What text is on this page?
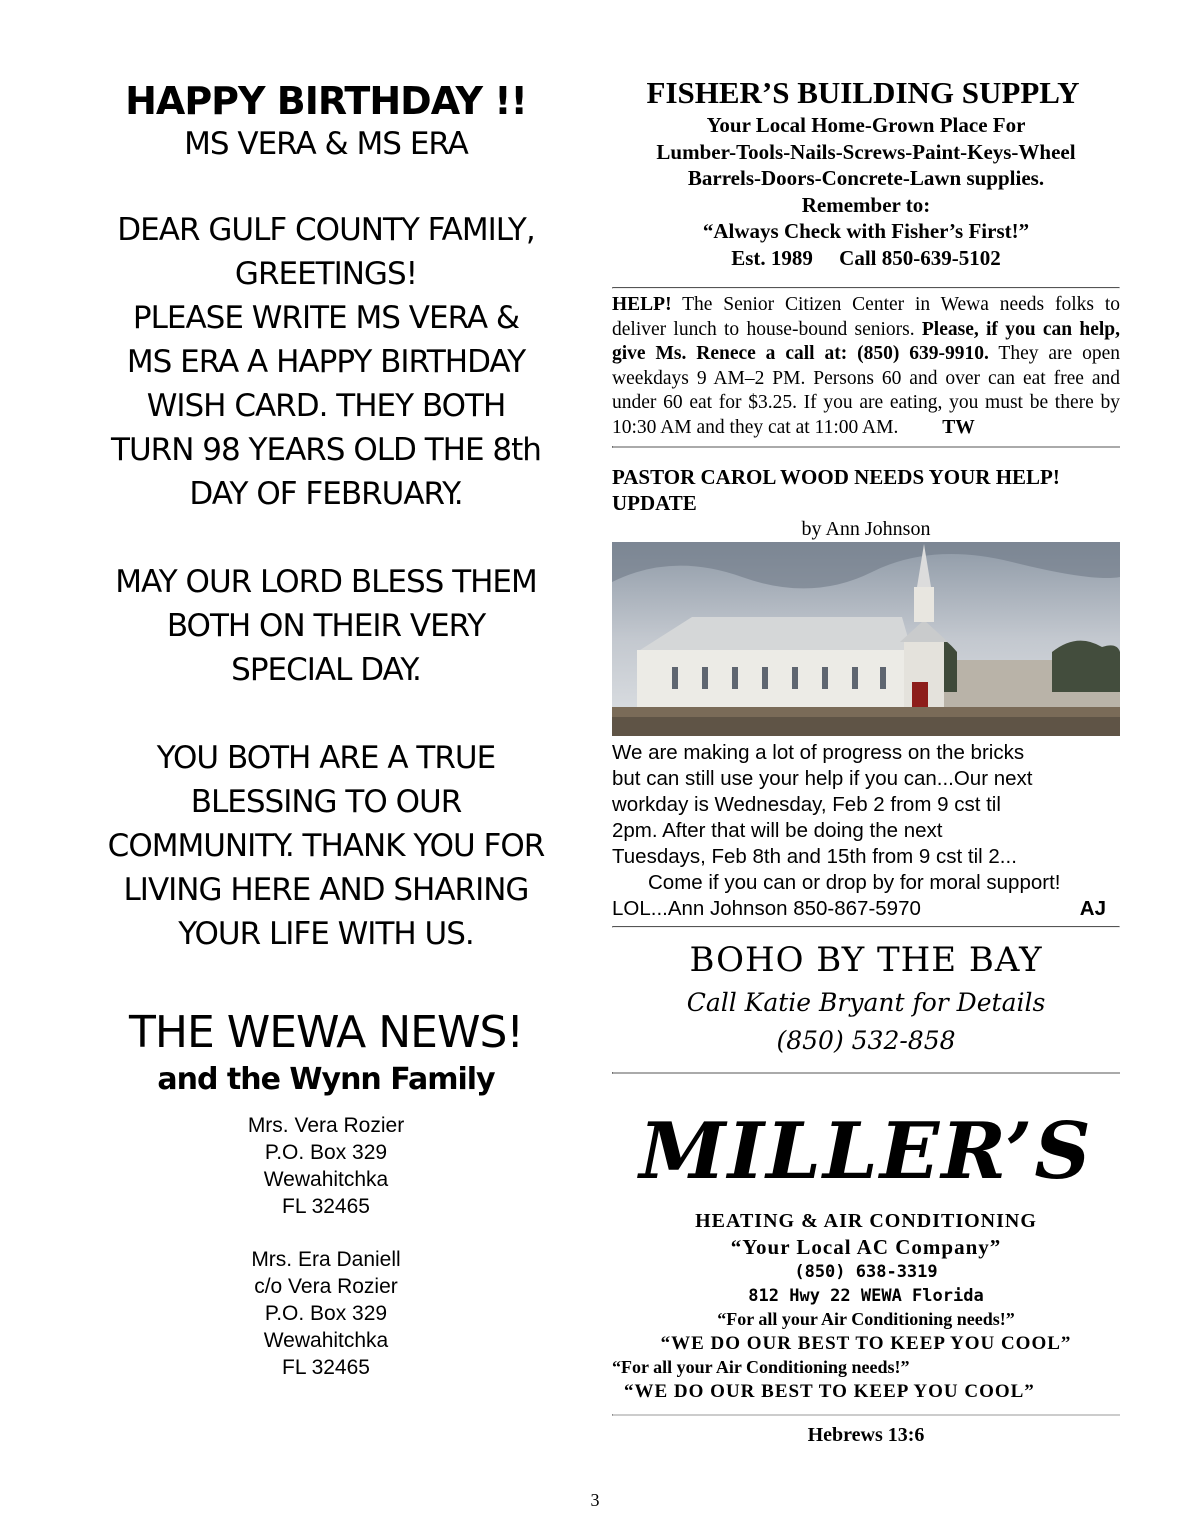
HAPPY BIRTHDAY !!
MS VERA & MS ERA
DEAR GULF COUNTY FAMILY,
GREETINGS!
PLEASE WRITE MS VERA &
MS ERA A HAPPY BIRTHDAY
WISH CARD. THEY BOTH
TURN 98 YEARS OLD THE 8th
DAY OF FEBRUARY.
MAY OUR LORD BLESS THEM
BOTH ON THEIR VERY
SPECIAL DAY.
YOU BOTH ARE A TRUE
BLESSING TO OUR
COMMUNITY. THANK YOU FOR
LIVING HERE AND SHARING
YOUR LIFE WITH US.
THE WEWA NEWS!
and the Wynn Family
Mrs. Vera Rozier
P.O. Box 329
Wewahitchka
FL 32465
Mrs. Era Daniell
c/o Vera Rozier
P.O. Box 329
Wewahitchka
FL 32465
FISHER’S BUILDING SUPPLY
Your Local Home-Grown Place For
Lumber-Tools-Nails-Screws-Paint-Keys-Wheel
Barrels-Doors-Concrete-Lawn supplies.
Remember to:
“Always Check with Fisher’s First!”
Est. 1989 Call 850-639-5102
HELP! The Senior Citizen Center in Wewa needs folks to deliver lunch to house-bound seniors. Please, if you can help, give Ms. Renece a call at: (850) 639-9910. They are open weekdays 9 AM–2 PM. Persons 60 and over can eat free and under 60 eat for $3.25. If you are eating, you must be there by 10:30 AM and they cat at 11:00 AM. TW
PASTOR CAROL WOOD NEEDS YOUR HELP! UPDATE
by Ann Johnson
We are making a lot of progress on the bricks
but can still use your help if you can...Our next
workday is Wednesday, Feb 2 from 9 cst til
2pm. After that will be doing the next
Tuesdays, Feb 8th and 15th from 9 cst til 2...
Come if you can or drop by for moral support!
LOL...Ann Johnson 850-867-5970	AJ
BOHO BY THE BAY
Call Katie Bryant for Details
(850) 532-858
MILLER’S
HEATING & AIR CONDITIONING
“Your Local AC Company”
(850) 638-3319
812 Hwy 22 WEWA Florida
“For all your Air Conditioning needs!”
“WE DO OUR BEST TO KEEP YOU COOL”
“For all your Air Conditioning needs!”
“WE DO OUR BEST TO KEEP YOU COOL”
Hebrews 13:6
3
